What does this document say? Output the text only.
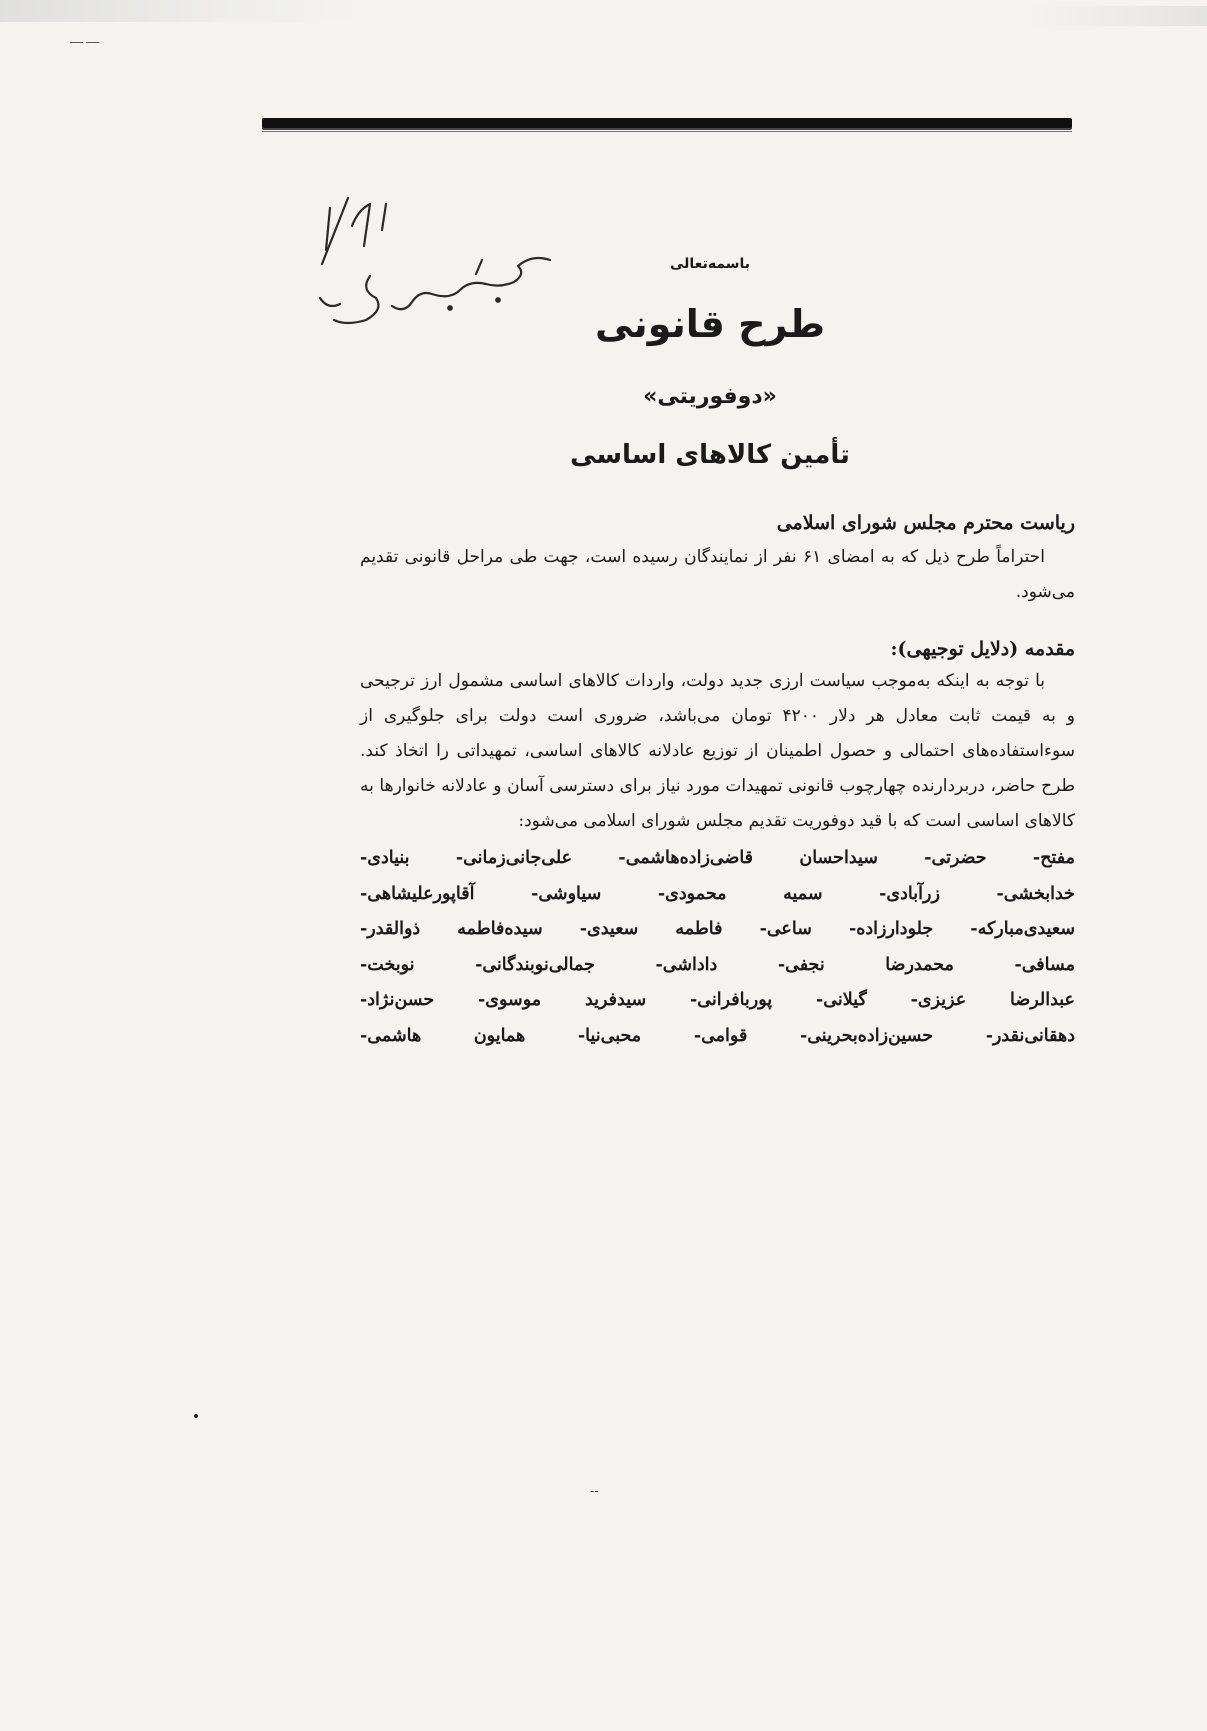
ـــــ ـــــ
باسمه‌تعالی
طرح قانونی
«دوفوریتی»
تأمین کالاهای اساسی

ریاست محترم مجلس شورای اسلامی

احتراماً طرح ذیل که به امضای ۶۱ نفر از نمایندگان رسیده است، جهت طی مراحل قانونی تقدیم می‌شود.

مقدمه (دلایل توجیهی):

با توجه به اینکه به‌موجب سیاست ارزی جدید دولت، واردات کالاهای اساسی مشمول ارز ترجیحی و به قیمت ثابت معادل هر دلار ۴۲۰۰ تومان می‌باشد، ضروری است دولت برای جلوگیری از سوءاستفاده‌های احتمالی و حصول اطمینان از توزیع عادلانه کالاهای اساسی، تمهیداتی را اتخاذ کند. طرح حاضر، دربردارنده چهارچوب قانونی تمهیدات مورد نیاز برای دسترسی آسان و عادلانه خانوارها به کالاهای اساسی است که با قید دوفوریت تقدیم مجلس شورای اسلامی می‌شود:

مفتح- حضرتی- سیداحسان قاضی‌زاده‌هاشمی- علی‌جانی‌زمانی- بنیادی-

خدابخشی- زرآبادی- سمیه محمودی- سیاوشی- آقاپورعلیشاهی-

سعیدی‌مبارکه- جلودارزاده- ساعی- فاطمه سعیدی- سیده‌فاطمه ذوالقدر-

مسافی- محمدرضا نجفی- داداشی- جمالی‌نوبندگانی- نوبخت-

عبدالرضا عزیزی- گیلانی- پوربافرانی- سیدفرید موسوی- حسن‌نژاد-

دهقانی‌نقدر- حسین‌زاده‌بحرینی- قوامی- محبی‌نیا- همایون هاشمی-

--
